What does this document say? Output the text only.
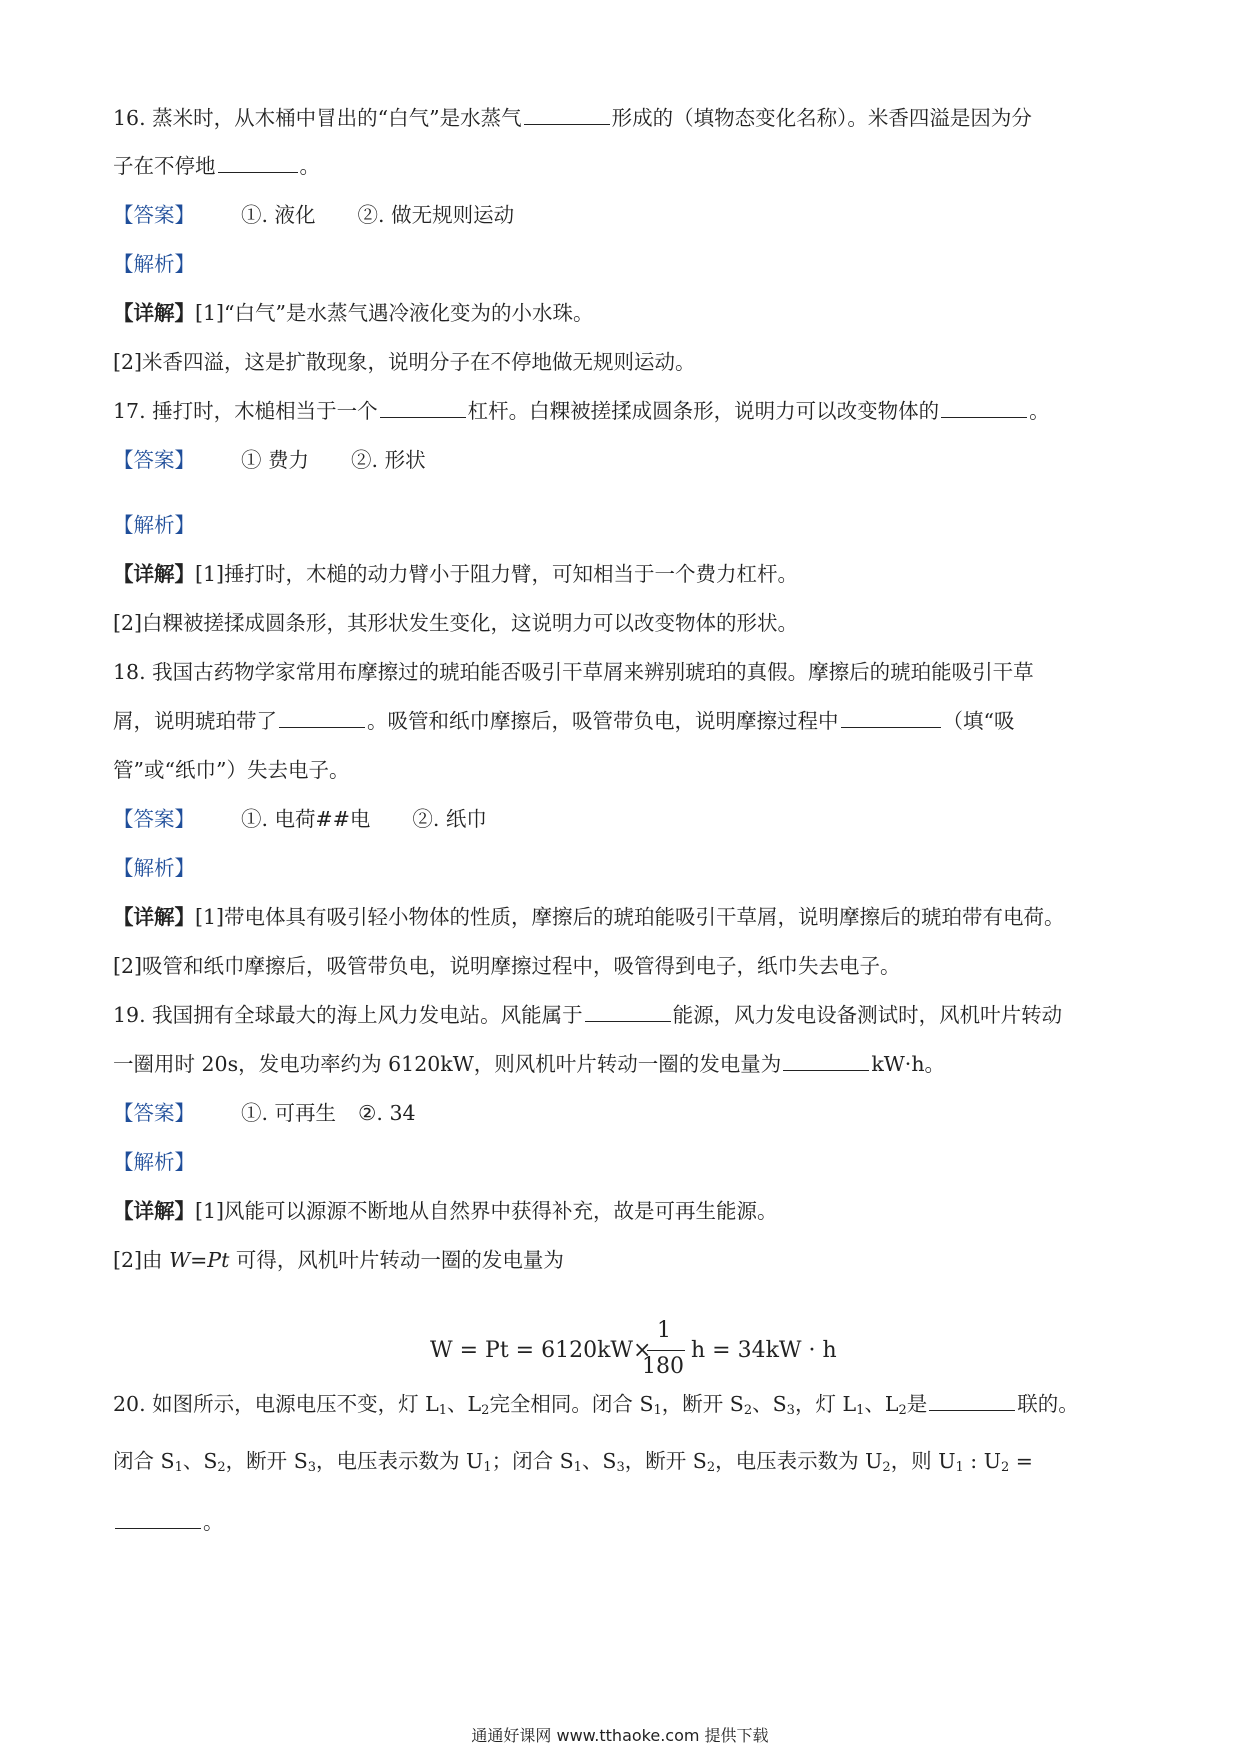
16. 蒸米时，从木桶中冒出的“白气”是水蒸气	形成的（填物态变化名称）。米香四溢是因为分
子在不停地	。
【答案】 ①. 液化 ②. 做无规则运动
【解析】
【详解】[1]“白气”是水蒸气遇冷液化变为的小水珠。
[2]米香四溢，这是扩散现象，说明分子在不停地做无规则运动。
17. 捶打时，木槌相当于一个	杠杆。白粿被搓揉成圆条形，说明力可以改变物体的	。
【答案】 ① 费力 ②. 形状
【解析】
【详解】[1]捶打时，木槌的动力臂小于阻力臂，可知相当于一个费力杠杆。
[2]白粿被搓揉成圆条形，其形状发生变化，这说明力可以改变物体的形状。
18. 我国古药物学家常用布摩擦过的琥珀能否吸引干草屑来辨别琥珀的真假。摩擦后的琥珀能吸引干草
屑，说明琥珀带了	。吸管和纸巾摩擦后，吸管带负电，说明摩擦过程中	（填“吸
管”或“纸巾”）失去电子。
【答案】 ①. 电荷##电 ②. 纸巾
【解析】
【详解】[1]带电体具有吸引轻小物体的性质，摩擦后的琥珀能吸引干草屑，说明摩擦后的琥珀带有电荷。
[2]吸管和纸巾摩擦后，吸管带负电，说明摩擦过程中，吸管得到电子，纸巾失去电子。
19. 我国拥有全球最大的海上风力发电站。风能属于	能源，风力发电设备测试时，风机叶片转动
一圈用时 20s，发电功率约为 6120kW，则风机叶片转动一圈的发电量为	kW·h。
【答案】 ①. 可再生 ②. 34
【解析】
【详解】[1]风能可以源源不断地从自然界中获得补充，故是可再生能源。
[2]由 W=Pt 可得，风机叶片转动一圈的发电量为
W = Pt = 6120kW×
1
180
h = 34kW · h
20. 如图所示，电源电压不变，灯 $L_1$、$L_2$完全相同。闭合 $S_1$，断开 $S_2$、$S_3$，灯 $L_1$、$L_2$是	联的。
闭合 $S_1$、$S_2$，断开 $S_3$，电压表示数为 $U_1$；闭合 $S_1$、$S_3$，断开 $S_2$，电压表示数为 $U_2$，则 $U_1$ : $U_2$ =
。
通通好课网 www.tthaoke.com 提供下载
